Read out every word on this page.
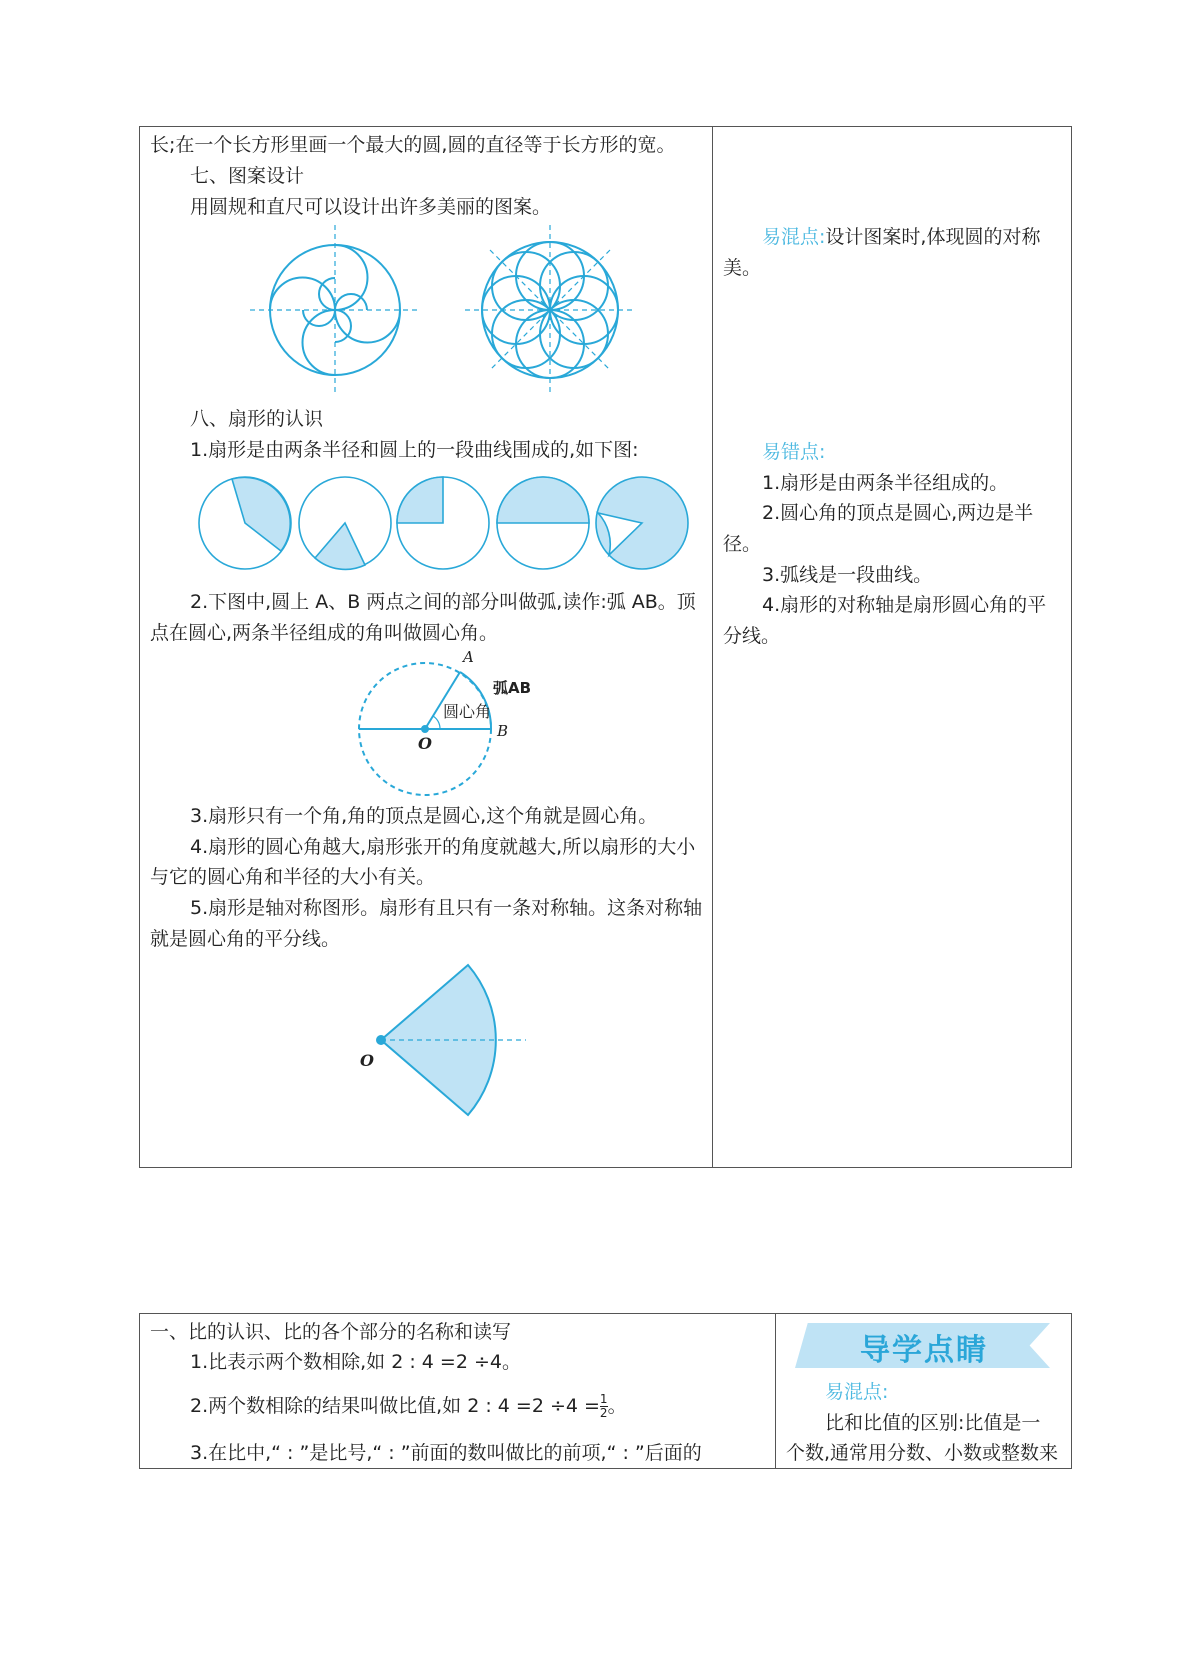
长;在一个长方形里画一个最大的圆,圆的直径等于长方形的宽。
七、图案设计
用圆规和直尺可以设计出许多美丽的图案。
八、扇形的认识
1.扇形是由两条半径和圆上的一段曲线围成的,如下图:
2.下图中,圆上 A、B 两点之间的部分叫做弧,读作:弧 AB。顶
点在圆心,两条半径组成的角叫做圆心角。
A
弧AB
圆心角
B
O
3.扇形只有一个角,角的顶点是圆心,这个角就是圆心角。
4.扇形的圆心角越大,扇形张开的角度就越大,所以扇形的大小
与它的圆心角和半径的大小有关。
5.扇形是轴对称图形。扇形有且只有一条对称轴。这条对称轴
就是圆心角的平分线。
O
易混点:设计图案时,体现圆的对称
美。
易错点:
1.扇形是由两条半径组成的。
2.圆心角的顶点是圆心,两边是半
径。
3.弧线是一段曲线。
4.扇形的对称轴是扇形圆心角的平
分线。
一、比的认识、比的各个部分的名称和读写
1.比表示两个数相除,如 2 : 4 =2 ÷4。
2.两个数相除的结果叫做比值,如 2 : $4 =2 \div 4 = \frac{1}{2}$ 。
3.在比中,“ : ”是比号,“ : ”前面的数叫做比的前项,“ : ”后面的
导学点睛
易混点:
比和比值的区别:比值是一
个数,通常用分数、小数或整数来
